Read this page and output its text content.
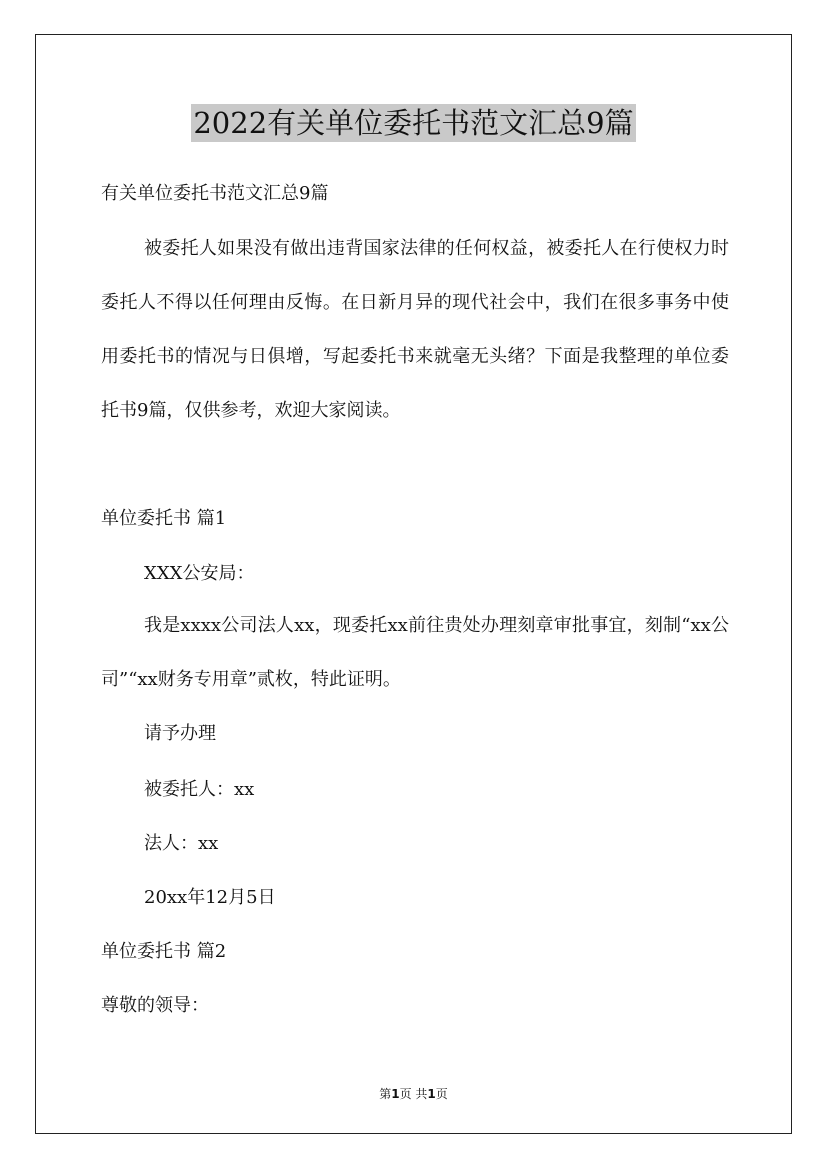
2022有关单位委托书范文汇总9篇
有关单位委托书范文汇总9篇
被委托人如果没有做出违背国家法律的任何权益，被委托人在行使权力时委托人不得以任何理由反悔。在日新月异的现代社会中，我们在很多事务中使用委托书的情况与日俱增，写起委托书来就毫无头绪？下面是我整理的单位委托书9篇，仅供参考，欢迎大家阅读。
单位委托书 篇1
XXX公安局：
我是xxxx公司法人xx，现委托xx前往贵处办理刻章审批事宜，刻制“xx公司”“xx财务专用章”贰枚，特此证明。
请予办理
被委托人：xx
法人：xx
20xx年12月5日
单位委托书 篇2
尊敬的领导：
第1页 共1页
